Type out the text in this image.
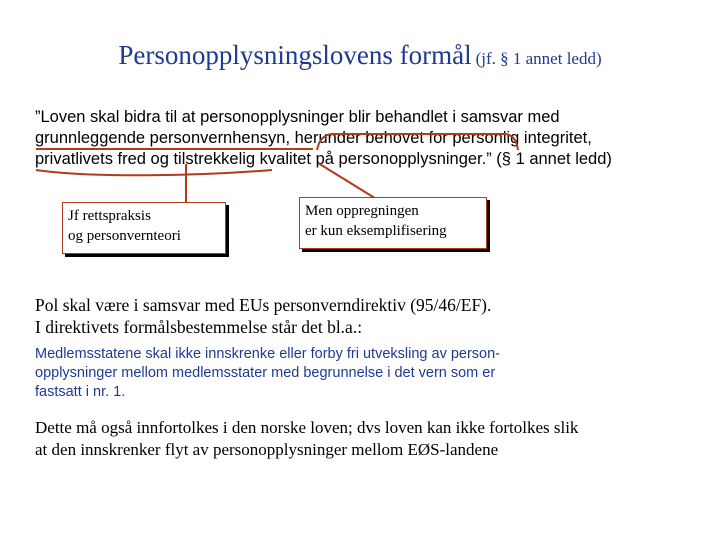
Personopplysningslovens formål (jf. § 1 annet ledd)
”Loven skal bidra til at personopplysninger blir behandlet i samsvar med
grunnleggende personvernhensyn, herunder behovet for personlig integritet,
privatlivets fred og tilstrekkelig kvalitet på personopplysninger.” (§ 1 annet ledd)
Jf rettspraksis
og personvernteori
Men oppregningen
er kun eksemplifisering
Pol skal være i samsvar med EUs personverndirektiv (95/46/EF).
I direktivets formålsbestemmelse står det bl.a.:
Medlemsstatene skal ikke innskrenke eller forby fri utveksling av person-
opplysninger mellom medlemsstater med begrunnelse i det vern som er
fastsatt i nr. 1.
Dette må også innfortolkes i den norske loven; dvs loven kan ikke fortolkes slik
at den innskrenker flyt av personopplysninger mellom EØS-landene
